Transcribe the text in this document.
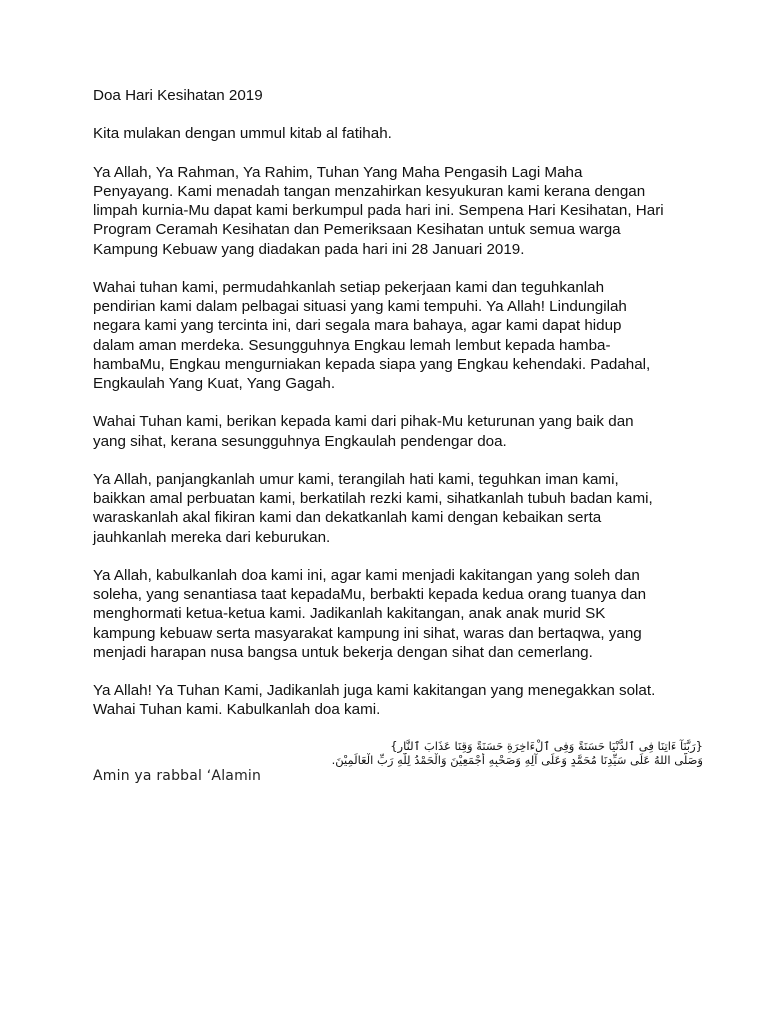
Doa Hari Kesihatan 2019

Kita mulakan dengan ummul kitab al fatihah.

Ya Allah, Ya Rahman, Ya Rahim, Tuhan Yang Maha Pengasih Lagi Maha
Penyayang. Kami menadah tangan menzahirkan kesyukuran kami kerana dengan
limpah kurnia-Mu dapat kami berkumpul pada hari ini. Sempena Hari Kesihatan, Hari
Program Ceramah Kesihatan dan Pemeriksaan Kesihatan untuk semua warga
Kampung Kebuaw yang diadakan pada hari ini 28 Januari 2019.

Wahai tuhan kami, permudahkanlah setiap pekerjaan kami dan teguhkanlah
pendirian kami dalam pelbagai situasi yang kami tempuhi. Ya Allah! Lindungilah
negara kami yang tercinta ini, dari segala mara bahaya, agar kami dapat hidup
dalam aman merdeka. Sesungguhnya Engkau lemah lembut kepada hamba-
hambaMu, Engkau mengurniakan kepada siapa yang Engkau kehendaki. Padahal,
Engkaulah Yang Kuat, Yang Gagah.

Wahai Tuhan kami, berikan kepada kami dari pihak-Mu keturunan yang baik dan
yang sihat, kerana sesungguhnya Engkaulah pendengar doa.

Ya Allah, panjangkanlah umur kami, terangilah hati kami, teguhkan iman kami,
baikkan amal perbuatan kami, berkatilah rezki kami, sihatkanlah tubuh badan kami,
waraskanlah akal fikiran kami dan dekatkanlah kami dengan kebaikan serta
jauhkanlah mereka dari keburukan.

Ya Allah, kabulkanlah doa kami ini, agar kami menjadi kakitangan yang soleh dan
soleha, yang senantiasa taat kepadaMu, berbakti kepada kedua orang tuanya dan
menghormati ketua-ketua kami. Jadikanlah kakitangan, anak anak murid SK
kampung kebuaw serta masyarakat kampung ini sihat, waras dan bertaqwa, yang
menjadi harapan nusa bangsa untuk bekerja dengan sihat dan cemerlang.

Ya Allah! Ya Tuhan Kami, Jadikanlah juga kami kakitangan yang menegakkan solat.
Wahai Tuhan kami. Kabulkanlah doa kami.

{رَبَّنَآ ءَاتِنَا فِى ٱلدُّنْيَا حَسَنَةً وَفِى ٱلْءَاخِرَةِ حَسَنَةً وَقِنَا عَذَابَ ٱلنَّارِ}
وَصَلَّى اللهُ عَلَى سَيِّدِنَا مُحَمَّدٍ وَعَلَى آلِهِ وَصَحْبِهِ أَجْمَعِيْنَ وَالْحَمْدُ لِلّٰهِ رَبِّ الْعَالَمِيْنَ.
Amin ya rabbal ‘Alamin
